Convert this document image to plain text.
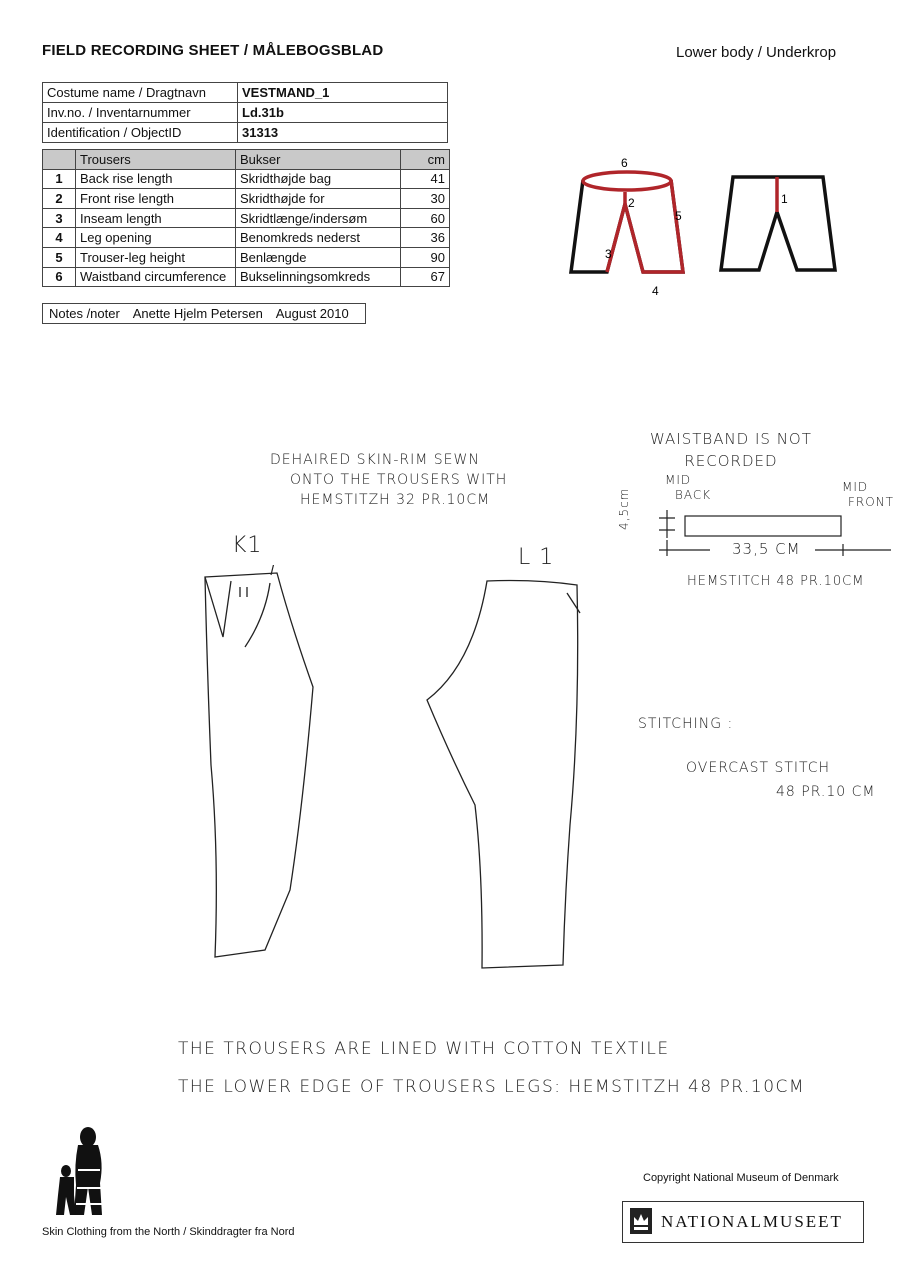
FIELD RECORDING SHEET / MÅLEBOGSBLAD	Lower body / Underkrop
Costume name / Dragtnavn	VESTMAND_1
Inv.no. / Inventarnummer	Ld.31b
Identification / ObjectID	31313
	Trousers	Bukser	cm
1	Back rise length	Skridthøjde bag	41
2	Front rise length	Skridthøjde for	30
3	Inseam length	Skridtlænge/indersøm	60
4	Leg opening	Benomkreds nederst	36
5	Trouser-leg height	Benlængde	90
6	Waistband circumference	Bukselinningsomkreds	67
Notes /noter Anette Hjelm Petersen August 2010
6
2
5
3
4
1
DEHAIRED SKIN-RIM SEWN
ONTO THE TROUSERS WITH
HEMSTITZH 32 PR.10CM
K1	L 1
WAISTBAND IS NOT
RECORDED
MID
BACK
MID
FRONT
4,5cm
33,5 CM
HEMSTITCH 48 PR.10CM
STITCHING :
OVERCAST STITCH
48 PR.10 CM
THE TROUSERS ARE LINED WITH COTTON TEXTILE
THE LOWER EDGE OF TROUSERS LEGS: HEMSTITZH 48 PR.10CM
Skin Clothing from the North / Skinddragter fra Nord
Copyright National Museum of Denmark
NATIONALMUSEET
